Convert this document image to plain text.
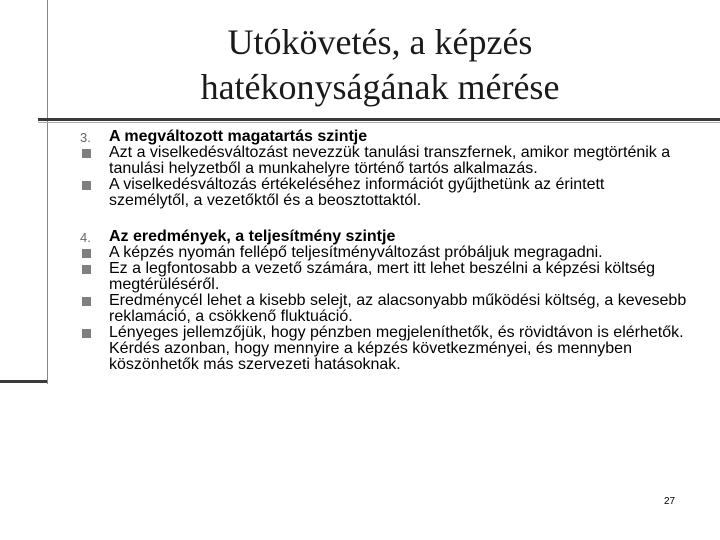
Utókövetés, a képzés
hatékonyságának mérése
3. A megváltozott magatartás szintje
Azt a viselkedésváltozást nevezzük tanulási transzfernek, amikor megtörténik a tanulási helyzetből a munkahelyre történő tartós alkalmazás.
A viselkedésváltozás értékeléséhez információt gyűjthetünk az érintett személytől, a vezetőktől és a beosztottaktól.
4. Az eredmények, a teljesítmény szintje
A képzés nyomán fellépő teljesítményváltozást próbáljuk megragadni.
Ez a legfontosabb a vezető számára, mert itt lehet beszélni a képzési költség megtérüléséről.
Eredménycél lehet a kisebb selejt, az alacsonyabb működési költség, a kevesebb reklamáció, a csökkenő fluktuáció.
Lényeges jellemzőjük, hogy pénzben megjeleníthetők, és rövidtávon is elérhetők. Kérdés azonban, hogy mennyire a képzés következményei, és mennyben köszönhetők más szervezeti hatásoknak.
27
